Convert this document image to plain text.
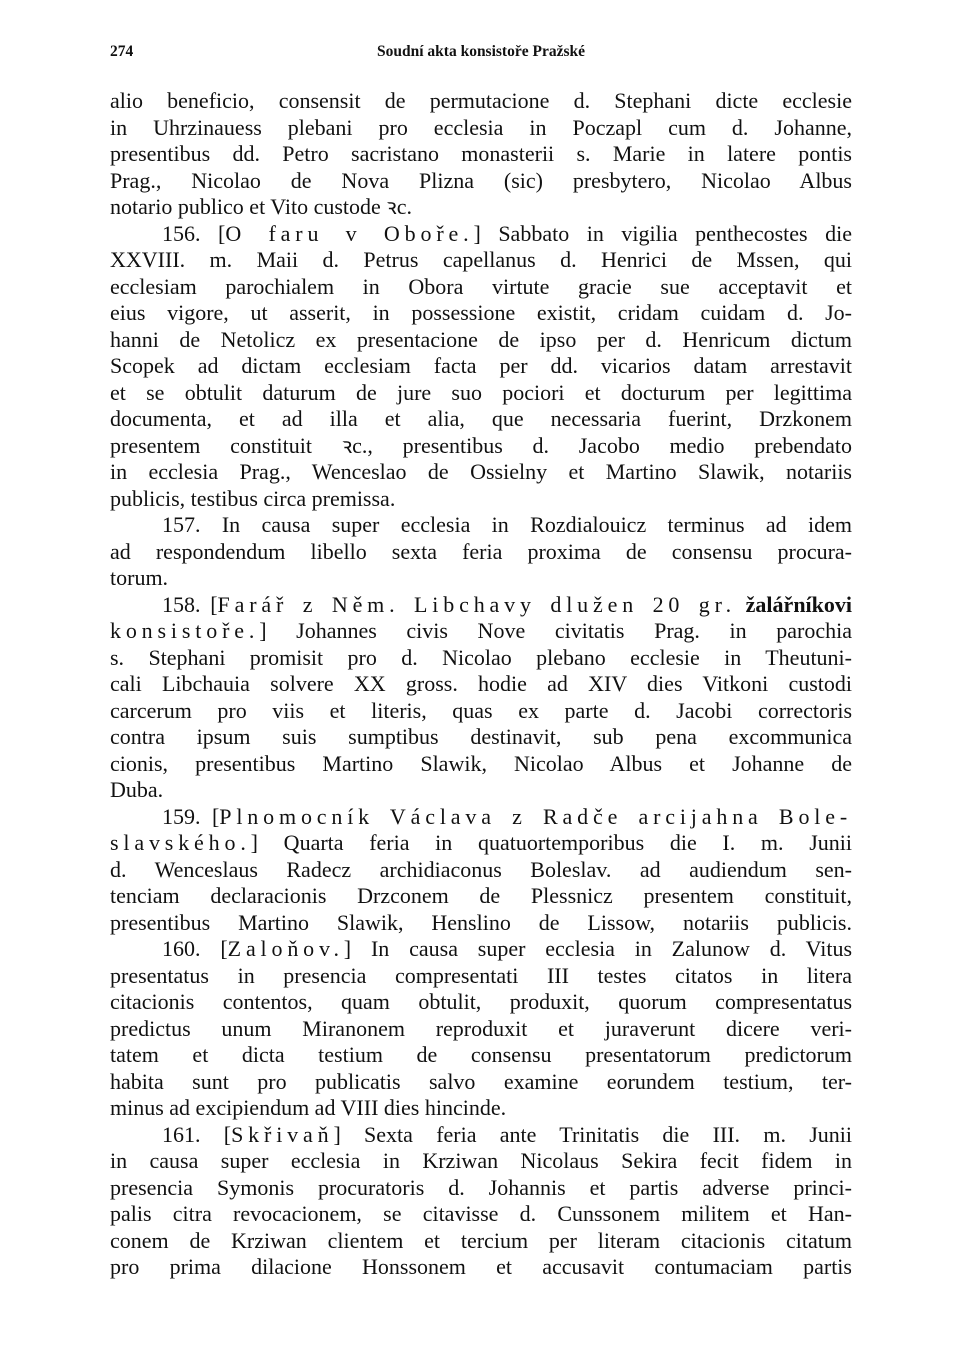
274	Soudní akta konsistoře Pražské
alio beneficio, consensit de permutacione d. Stephani dicte ecclesie
in Uhrzinauess plebani pro ecclesia in Poczapl cum d. Johanne,
presentibus dd. Petro sacristano monasterii s. Marie in latere pontis
Prag., Nicolao de Nova Plizna (sic) presbytero, Nicolao Albus
notario publico et Vito custode ꝛc.
156. [O faru v Oboře.] Sabbato in vigilia penthecostes die
XXVIII. m. Maii d. Petrus capellanus d. Henrici de Mssen, qui
ecclesiam parochialem in Obora virtute gracie sue acceptavit et
eius vigore, ut asserit, in possessione existit, cridam cuidam d. Jo-
hanni de Netolicz ex presentacione de ipso per d. Henricum dictum
Scopek ad dictam ecclesiam facta per dd. vicarios datam arrestavit
et se obtulit daturum de jure suo pociori et docturum per legittima
documenta, et ad illa et alia, que necessaria fuerint, Drzkonem
presentem constituit ꝛc., presentibus d. Jacobo medio prebendato
in ecclesia Prag., Wenceslao de Ossielny et Martino Slawik, notariis
publicis, testibus circa premissa.
157. In causa super ecclesia in Rozdialouicz terminus ad idem
ad respondendum libello sexta feria proxima de consensu procura-
torum.
158. [Farář z Něm. Libchavy dlužen 20 gr. žalářníkovi
konsistoře.] Johannes civis Nove civitatis Prag. in parochia
s. Stephani promisit pro d. Nicolao plebano ecclesie in Theutuni-
cali Libchauia solvere XX gross. hodie ad XIV dies Vitkoni custodi
carcerum pro viis et literis, quas ex parte d. Jacobi correctoris
contra ipsum suis sumptibus destinavit, sub pena excommunica
cionis, presentibus Martino Slawik, Nicolao Albus et Johanne de
Duba.
159. [Plnomocník Václava z Radče arcijahna Bole-
slavského.] Quarta feria in quatuortemporibus die I. m. Junii
d. Wenceslaus Radecz archidiaconus Boleslav. ad audiendum sen-
tenciam declaracionis Drzconem de Plessnicz presentem constituit,
presentibus Martino Slawik, Henslino de Lissow, notariis publicis.
160. [Zaloňov.] In causa super ecclesia in Zalunow d. Vitus
presentatus in presencia compresentati III testes citatos in litera
citacionis contentos, quam obtulit, produxit, quorum compresentatus
predictus unum Miranonem reproduxit et juraverunt dicere veri-
tatem et dicta testium de consensu presentatorum predictorum
habita sunt pro publicatis salvo examine eorundem testium, ter-
minus ad excipiendum ad VIII dies hincinde.
161. [Skřivaň] Sexta feria ante Trinitatis die III. m. Junii
in causa super ecclesia in Krziwan Nicolaus Sekira fecit fidem in
presencia Symonis procuratoris d. Johannis et partis adverse princi-
palis citra revocacionem, se citavisse d. Cunssonem militem et Han-
conem de Krziwan clientem et tercium per literam citacionis citatum
pro prima dilacione Honssonem et accusavit contumaciam partis
